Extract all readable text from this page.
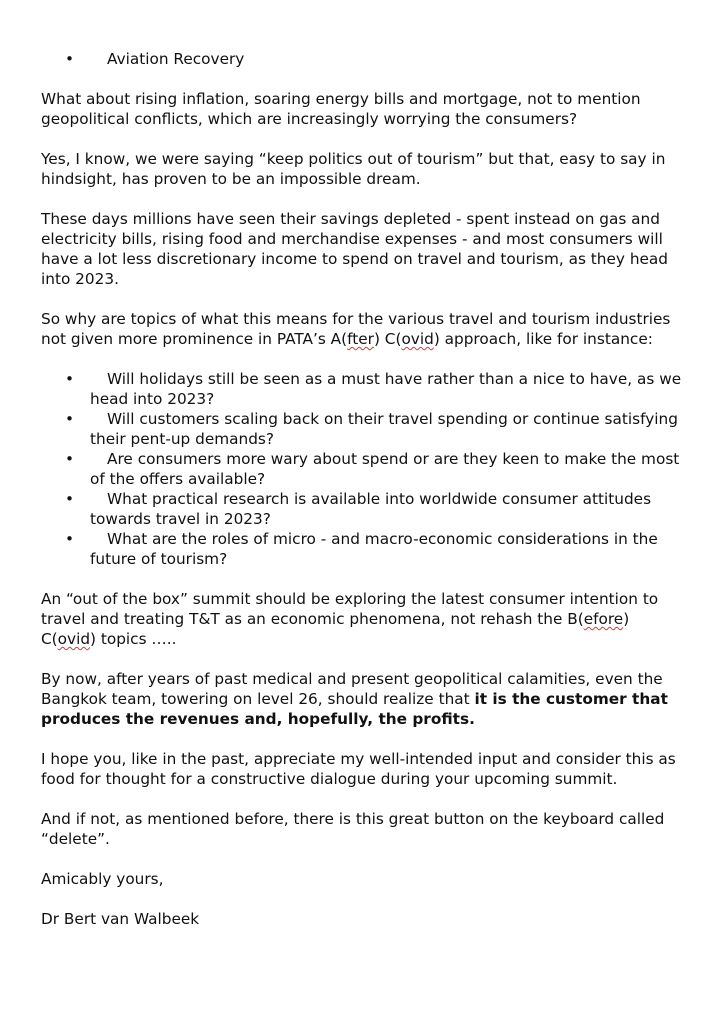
• Aviation Recovery

What about rising inflation, soaring energy bills and mortgage, not to mention geopolitical conflicts, which are increasingly worrying the consumers?

Yes, I know, we were saying “keep politics out of tourism” but that, easy to say in hindsight, has proven to be an impossible dream.

These days millions have seen their savings depleted - spent instead on gas and electricity bills, rising food and merchandise expenses - and most consumers will have a lot less discretionary income to spend on travel and tourism, as they head into 2023.

So why are topics of what this means for the various travel and tourism industries not given more prominence in PATA’s A(fter) C(ovid) approach, like for instance:

• Will holidays still be seen as a must have rather than a nice to have, as we head into 2023?
• Will customers scaling back on their travel spending or continue satisfying their pent-up demands?
• Are consumers more wary about spend or are they keen to make the most of the offers available?
• What practical research is available into worldwide consumer attitudes towards travel in 2023?
• What are the roles of micro - and macro-economic considerations in the future of tourism?

An “out of the box” summit should be exploring the latest consumer intention to travel and treating T&T as an economic phenomena, not rehash the B(efore) C(ovid) topics …..

By now, after years of past medical and present geopolitical calamities, even the Bangkok team, towering on level 26, should realize that it is the customer that produces the revenues and, hopefully, the profits.

I hope you, like in the past, appreciate my well-intended input and consider this as food for thought for a constructive dialogue during your upcoming summit.

And if not, as mentioned before, there is this great button on the keyboard called “delete”.

Amicably yours,

Dr Bert van Walbeek
